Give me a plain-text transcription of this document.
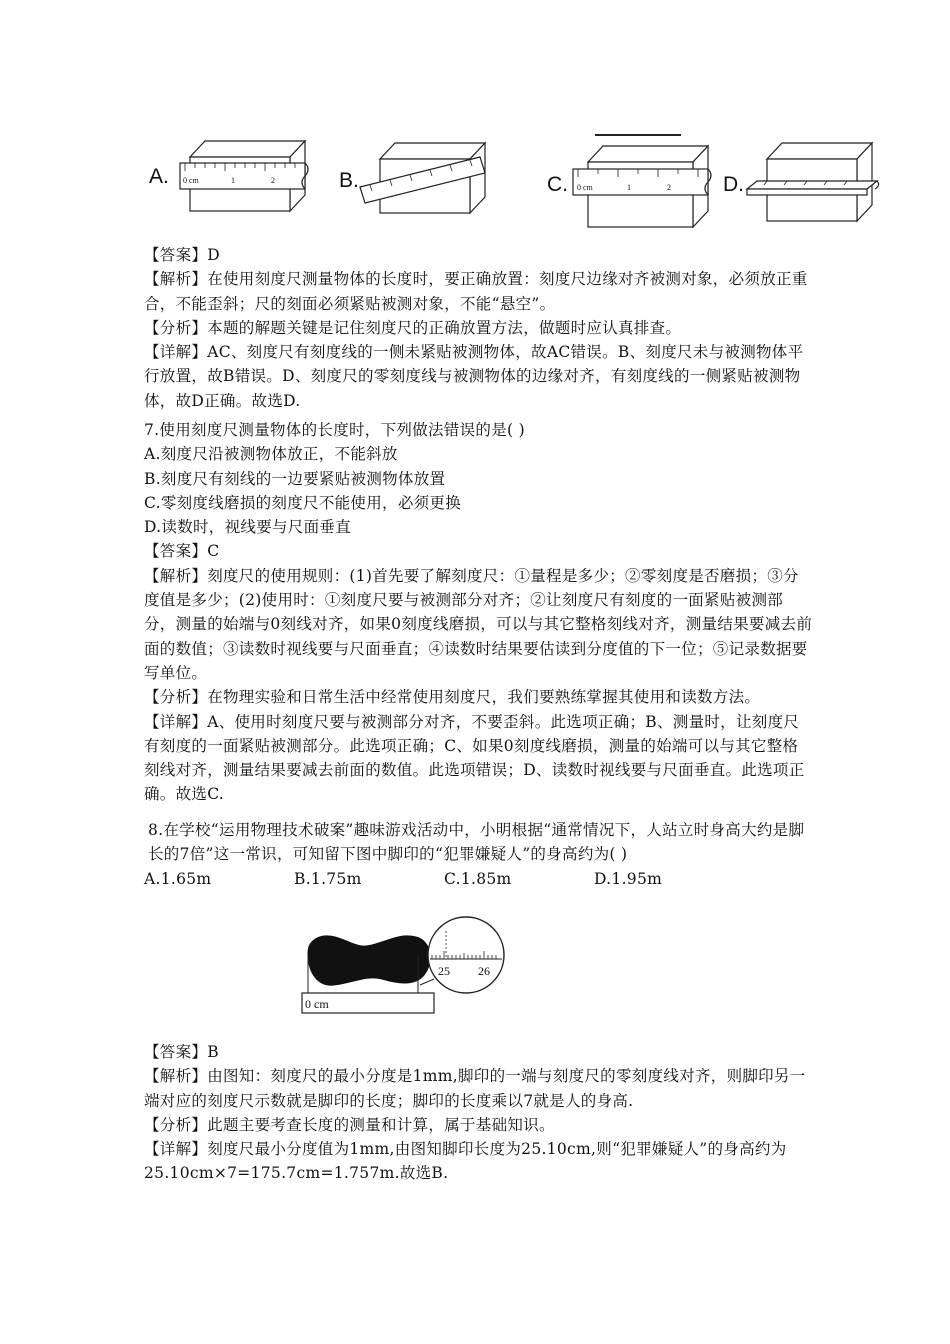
A. 0 cm	1	2	B.	C. 0 cm	1	2 D.

【答案】D

【解析】在使用刻度尺测量物体的长度时，要正确放置：刻度尺边缘对齐被测对象，必须放正重合，不能歪斜；尺的刻面必须紧贴被测对象，不能“悬空”。

【分析】本题的解题关键是记住刻度尺的正确放置方法，做题时应认真排查。

【详解】AC、刻度尺有刻度线的一侧未紧贴被测物体，故AC错误。B、刻度尺未与被测物体平行放置，故B错误。D、刻度尺的零刻度线与被测物体的边缘对齐，有刻度线的一侧紧贴被测物体，故D正确。故选D.

7.使用刻度尺测量物体的长度时，下列做法错误的是( )

A.刻度尺沿被测物体放正，不能斜放

B.刻度尺有刻线的一边要紧贴被测物体放置

C.零刻度线磨损的刻度尺不能使用，必须更换

D.读数时，视线要与尺面垂直

【答案】C

【解析】刻度尺的使用规则：(1)首先要了解刻度尺：①量程是多少；②零刻度是否磨损；③分度值是多少；(2)使用时：①刻度尺要与被测部分对齐；②让刻度尺有刻度的一面紧贴被测部分，测量的始端与0刻线对齐，如果0刻度线磨损，可以与其它整格刻线对齐，测量结果要减去前面的数值；③读数时视线要与尺面垂直；④读数时结果要估读到分度值的下一位；⑤记录数据要写单位。

【分析】在物理实验和日常生活中经常使用刻度尺，我们要熟练掌握其使用和读数方法。

【详解】A、使用时刻度尺要与被测部分对齐，不要歪斜。此选项正确；B、测量时，让刻度尺有刻度的一面紧贴被测部分。此选项正确；C、如果0刻度线磨损，测量的始端可以与其它整格刻线对齐，测量结果要减去前面的数值。此选项错误；D、读数时视线要与尺面垂直。此选项正确。故选C.

8.在学校“运用物理技术破案”趣味游戏活动中，小明根据“通常情况下，人站立时身高大约是脚长的7倍”这一常识，可知留下图中脚印的“犯罪嫌疑人”的身高约为( )

A.1.65m	B.1.75m	C.1.85m	D.1.95m
0 cm
25 26

【答案】B

【解析】由图知：刻度尺的最小分度是1mm,脚印的一端与刻度尺的零刻度线对齐，则脚印另一端对应的刻度尺示数就是脚印的长度；脚印的长度乘以7就是人的身高.

【分析】此题主要考查长度的测量和计算，属于基础知识。

【详解】刻度尺最小分度值为1mm,由图知脚印长度为25.10cm,则“犯罪嫌疑人”的身高约为25.10cm×7=175.7cm=1.757m.故选B.
